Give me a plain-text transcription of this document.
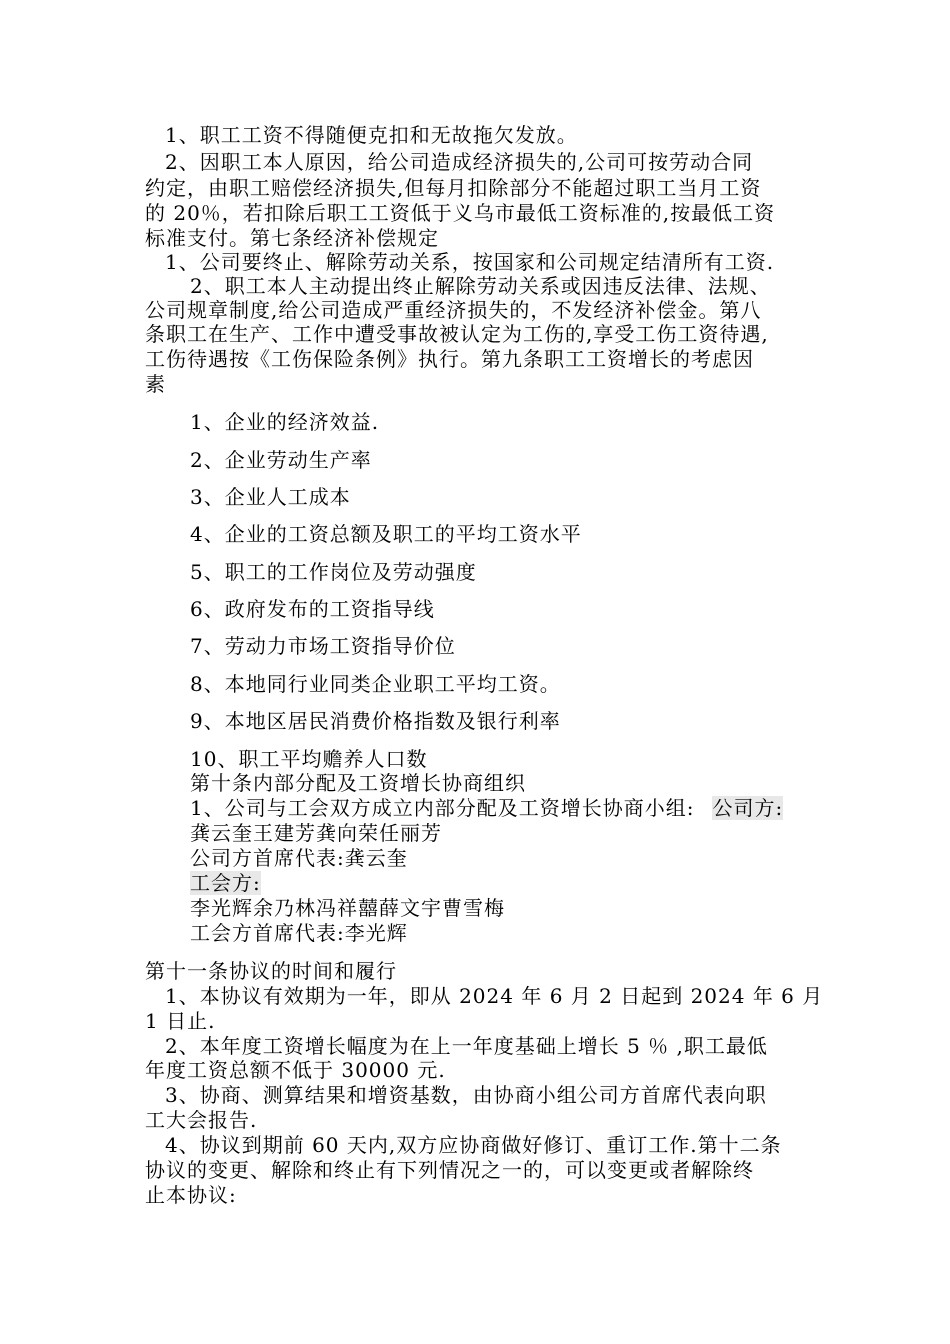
1、职工工资不得随便克扣和无故拖欠发放。
2、因职工本人原因，给公司造成经济损失的,公司可按劳动合同
约定，由职工赔偿经济损失,但每月扣除部分不能超过职工当月工资
的 20％，若扣除后职工工资低于义乌市最低工资标准的,按最低工资
标准支付。第七条经济补偿规定
1、公司要终止、解除劳动关系，按国家和公司规定结清所有工资.
2、职工本人主动提出终止解除劳动关系或因违反法律、法规、
公司规章制度,给公司造成严重经济损失的，不发经济补偿金。第八
条职工在生产、工作中遭受事故被认定为工伤的,享受工伤工资待遇,
工伤待遇按《工伤保险条例》执行。第九条职工工资增长的考虑因
素
1、企业的经济效益.
2、企业劳动生产率
3、企业人工成本
4、企业的工资总额及职工的平均工资水平
5、职工的工作岗位及劳动强度
6、政府发布的工资指导线
7、劳动力市场工资指导价位
8、本地同行业同类企业职工平均工资。
9、本地区居民消费价格指数及银行利率
10、职工平均赡养人口数
第十条内部分配及工资增长协商组织
1、公司与工会双方成立内部分配及工资增长协商小组: 公司方:
龚云奎王建芳龚向荣任丽芳
公司方首席代表:龚云奎
工会方:
李光辉余乃林冯祥囍薛文宇曹雪梅
工会方首席代表:李光辉
第十一条协议的时间和履行
1、本协议有效期为一年，即从 2024 年 6 月 2 日起到 2024 年 6 月
1 日止.
2、本年度工资增长幅度为在上一年度基础上增长 5 ％ ,职工最低
年度工资总额不低于 30000 元.
3、协商、测算结果和增资基数，由协商小组公司方首席代表向职
工大会报告.
4、协议到期前 60 天内,双方应协商做好修订、重订工作.第十二条
协议的变更、解除和终止有下列情况之一的，可以变更或者解除终
止本协议:
